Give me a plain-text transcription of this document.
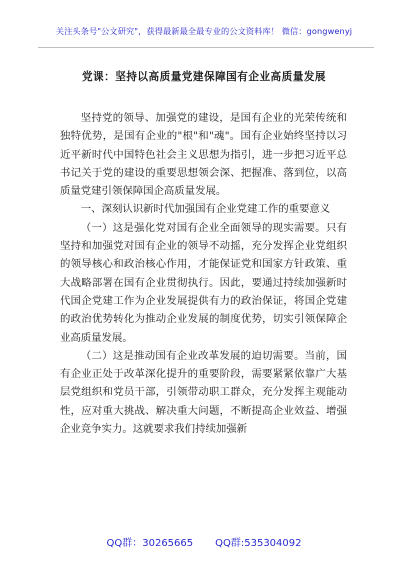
关注头条号"公文研究"，获得最新最全最专业的公文资料库！ 微信：gongwenyj
党课：坚持以高质量党建保障国有企业高质量发展

坚持党的领导、加强党的建设，是国有企业的光荣传统和独特优势，是国有企业的"根"和"魂"。国有企业始终坚持以习近平新时代中国特色社会主义思想为指引，进一步把习近平总书记关于党的建设的重要思想领会深、把握准、落到位，以高质量党建引领保障国企高质量发展。

一、深刻认识新时代加强国有企业党建工作的重要意义

（一）这是强化党对国有企业全面领导的现实需要。只有坚持和加强党对国有企业的领导不动摇，充分发挥企业党组织的领导核心和政治核心作用，才能保证党和国家方针政策、重大战略部署在国有企业贯彻执行。因此，要通过持续加强新时代国企党建工作为企业发展提供有力的政治保证，将国企党建的政治优势转化为推动企业发展的制度优势，切实引领保障企业高质量发展。

（二）这是推动国有企业改革发展的迫切需要。当前，国有企业正处于改革深化提升的重要阶段，需要紧紧依靠广大基层党组织和党员干部，引领带动职工群众，充分发挥主观能动性，应对重大挑战、解决重大问题，不断提高企业效益、增强企业竞争实力。这就要求我们持续加强新

QQ群：30265665 QQ群:535304092
